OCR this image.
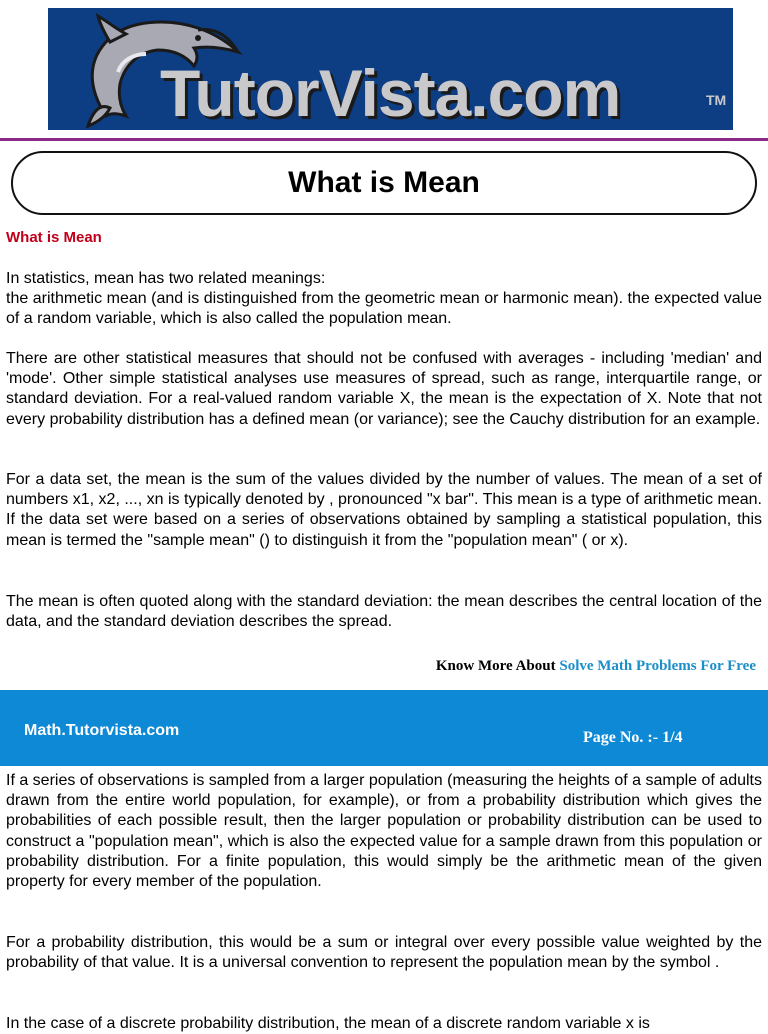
TutorVista.com	TM
What is Mean
What is Mean

In statistics, mean has two related meanings:
the arithmetic mean (and is distinguished from the geometric mean or harmonic mean). the expected value of a random variable, which is also called the population mean.

There are other statistical measures that should not be confused with averages - including 'median' and 'mode'. Other simple statistical analyses use measures of spread, such as range, interquartile range, or standard deviation. For a real-valued random variable X, the mean is the expectation of X. Note that not every probability distribution has a defined mean (or variance); see the Cauchy distribution for an example.

For a data set, the mean is the sum of the values divided by the number of values. The mean of a set of numbers x1, x2, ..., xn is typically denoted by , pronounced "x bar". This mean is a type of arithmetic mean. If the data set were based on a series of observations obtained by sampling a statistical population, this mean is termed the "sample mean" () to distinguish it from the "population mean" ( or x).

The mean is often quoted along with the standard deviation: the mean describes the central location of the data, and the standard deviation describes the spread.

Know More About Solve Math Problems For Free
Math.Tutorvista.com	Page No. :- 1/4

If a series of observations is sampled from a larger population (measuring the heights of a sample of adults drawn from the entire world population, for example), or from a probability distribution which gives the probabilities of each possible result, then the larger population or probability distribution can be used to construct a "population mean", which is also the expected value for a sample drawn from this population or probability distribution. For a finite population, this would simply be the arithmetic mean of the given property for every member of the population.

For a probability distribution, this would be a sum or integral over every possible value weighted by the probability of that value. It is a universal convention to represent the population mean by the symbol .

In the case of a discrete probability distribution, the mean of a discrete random variable x is
